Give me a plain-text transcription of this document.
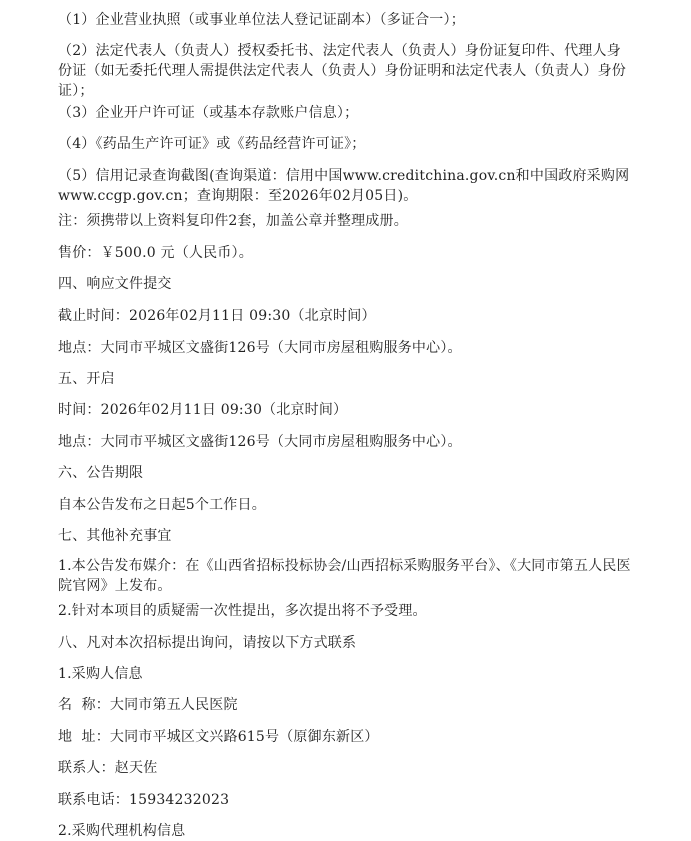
（1）企业营业执照（或事业单位法人登记证副本）（多证合一）；
（2）法定代表人（负责人）授权委托书、法定代表人（负责人）身份证复印件、代理人身份证（如无委托代理人需提供法定代表人（负责人）身份证明和法定代表人（负责人）身份证）；
（3）企业开户许可证（或基本存款账户信息）；
（4）《药品生产许可证》或《药品经营许可证》；
（5）信用记录查询截图(查询渠道：信用中国www.creditchina.gov.cn和中国政府采购网www.ccgp.gov.cn；查询期限：至2026年02月05日)。
注：须携带以上资料复印件2套，加盖公章并整理成册。
售价：￥500.0 元（人民币）。
四、响应文件提交
截止时间：2026年02月11日 09:30（北京时间）
地点：大同市平城区文盛街126号（大同市房屋租购服务中心）。
五、开启
时间：2026年02月11日 09:30（北京时间）
地点：大同市平城区文盛街126号（大同市房屋租购服务中心）。
六、公告期限
自本公告发布之日起5个工作日。
七、其他补充事宜
1.本公告发布媒介：在《山西省招标投标协会/山西招标采购服务平台》、《大同市第五人民医院官网》上发布。
2.针对本项目的质疑需一次性提出，多次提出将不予受理。
八、凡对本次招标提出询问，请按以下方式联系
1.采购人信息
名  称：大同市第五人民医院
地  址：大同市平城区文兴路615号（原御东新区）
联系人：赵天佐
联系电话：15934232023
2.采购代理机构信息
